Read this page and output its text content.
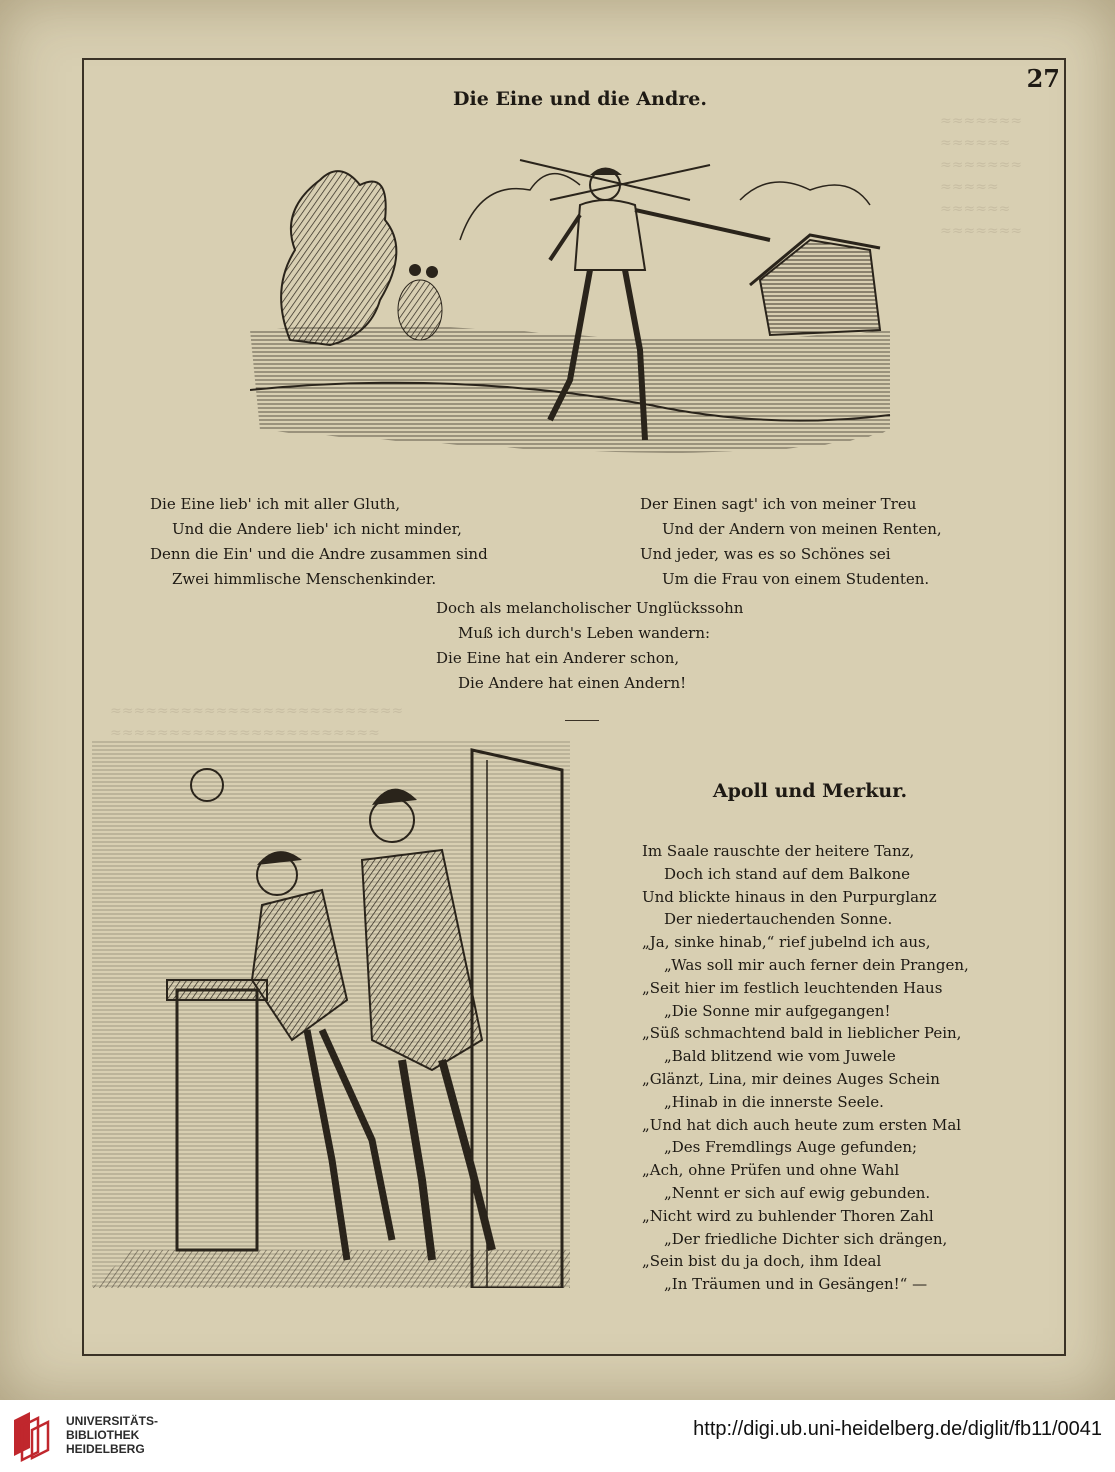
≈≈≈≈≈≈≈
≈≈≈≈≈≈
≈≈≈≈≈≈≈
≈≈≈≈≈
≈≈≈≈≈≈
≈≈≈≈≈≈≈
≈≈≈≈≈≈≈≈≈≈≈≈≈≈≈≈≈≈≈≈≈≈≈≈≈
≈≈≈≈≈≈≈≈≈≈≈≈≈≈≈≈≈≈≈≈≈≈≈
27
Die Eine und die Andre.
Die Eine lieb' ich mit aller Gluth,
Und die Andere lieb' ich nicht minder,
Denn die Ein' und die Andre zusammen sind
Zwei himmlische Menschenkinder.
Der Einen sagt' ich von meiner Treu
Und der Andern von meinen Renten,
Und jeder, was es so Schönes sei
Um die Frau von einem Studenten.
Doch als melancholischer Unglückssohn
Muß ich durch's Leben wandern:
Die Eine hat ein Anderer schon,
Die Andere hat einen Andern!
Apoll und Merkur.
Im Saale rauschte der heitere Tanz,
Doch ich stand auf dem Balkone
Und blickte hinaus in den Purpurglanz
Der niedertauchenden Sonne.
„Ja, sinke hinab,“ rief jubelnd ich aus,
„Was soll mir auch ferner dein Prangen,
„Seit hier im festlich leuchtenden Haus
„Die Sonne mir aufgegangen!
„Süß schmachtend bald in lieblicher Pein,
„Bald blitzend wie vom Juwele
„Glänzt, Lina, mir deines Auges Schein
„Hinab in die innerste Seele.
„Und hat dich auch heute zum ersten Mal
„Des Fremdlings Auge gefunden;
„Ach, ohne Prüfen und ohne Wahl
„Nennt er sich auf ewig gebunden.
„Nicht wird zu buhlender Thoren Zahl
„Der friedliche Dichter sich drängen,
„Sein bist du ja doch, ihm Ideal
„In Träumen und in Gesängen!“ —
UNIVERSITÄTS-
BIBLIOTHEK
HEIDELBERG
http://digi.ub.uni-heidelberg.de/diglit/fb11/0041
